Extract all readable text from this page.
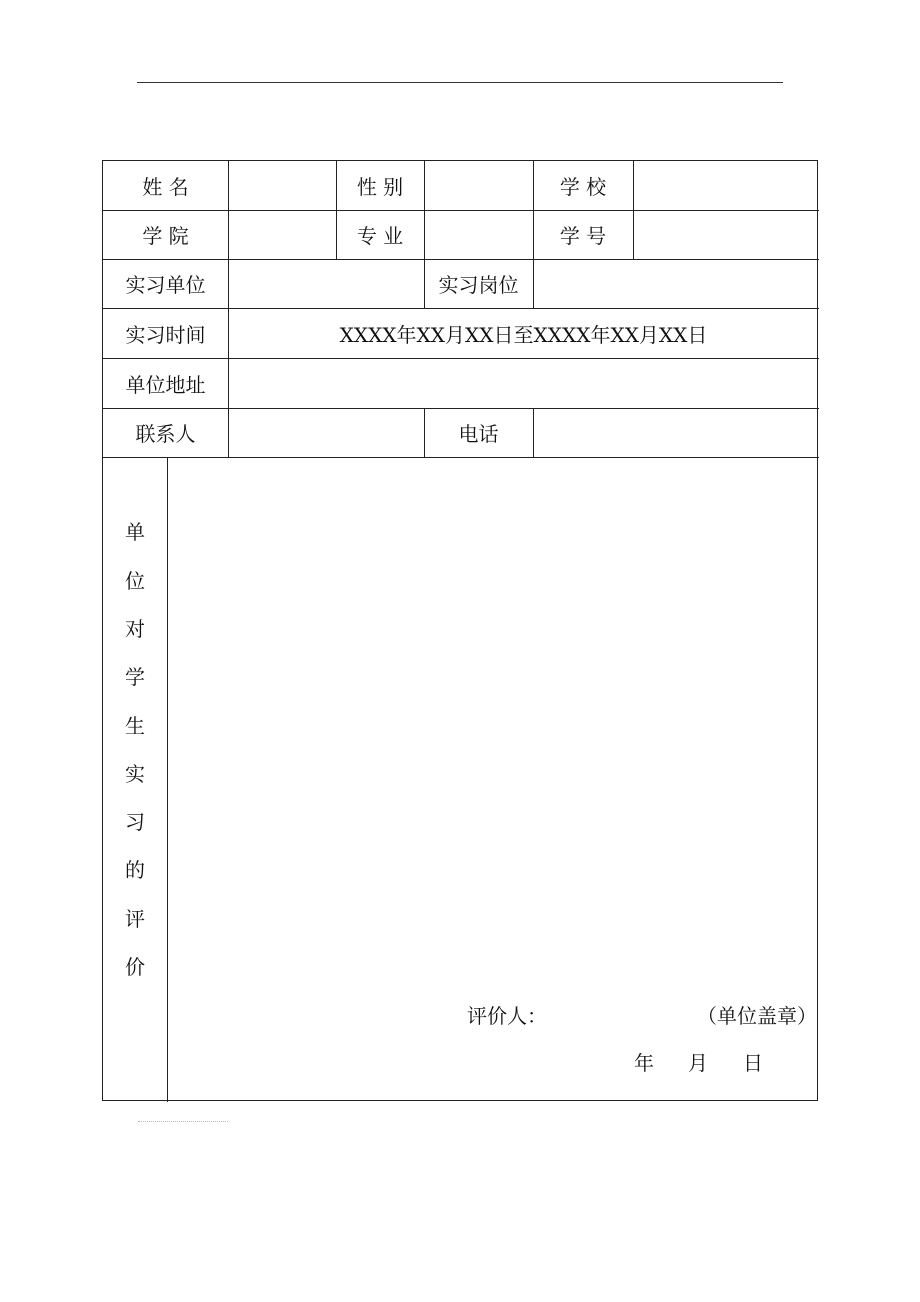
姓 名	性 别	学 校
学 院	专 业	学 号
实习单位	实习岗位
实习时间	XXXX年XX月XX日至XXXX年XX月XX日
单位地址
联系人	电话
单
位
对
学
生
实
习
的
评
价
评价人：	（单位盖章）
年 月 日
